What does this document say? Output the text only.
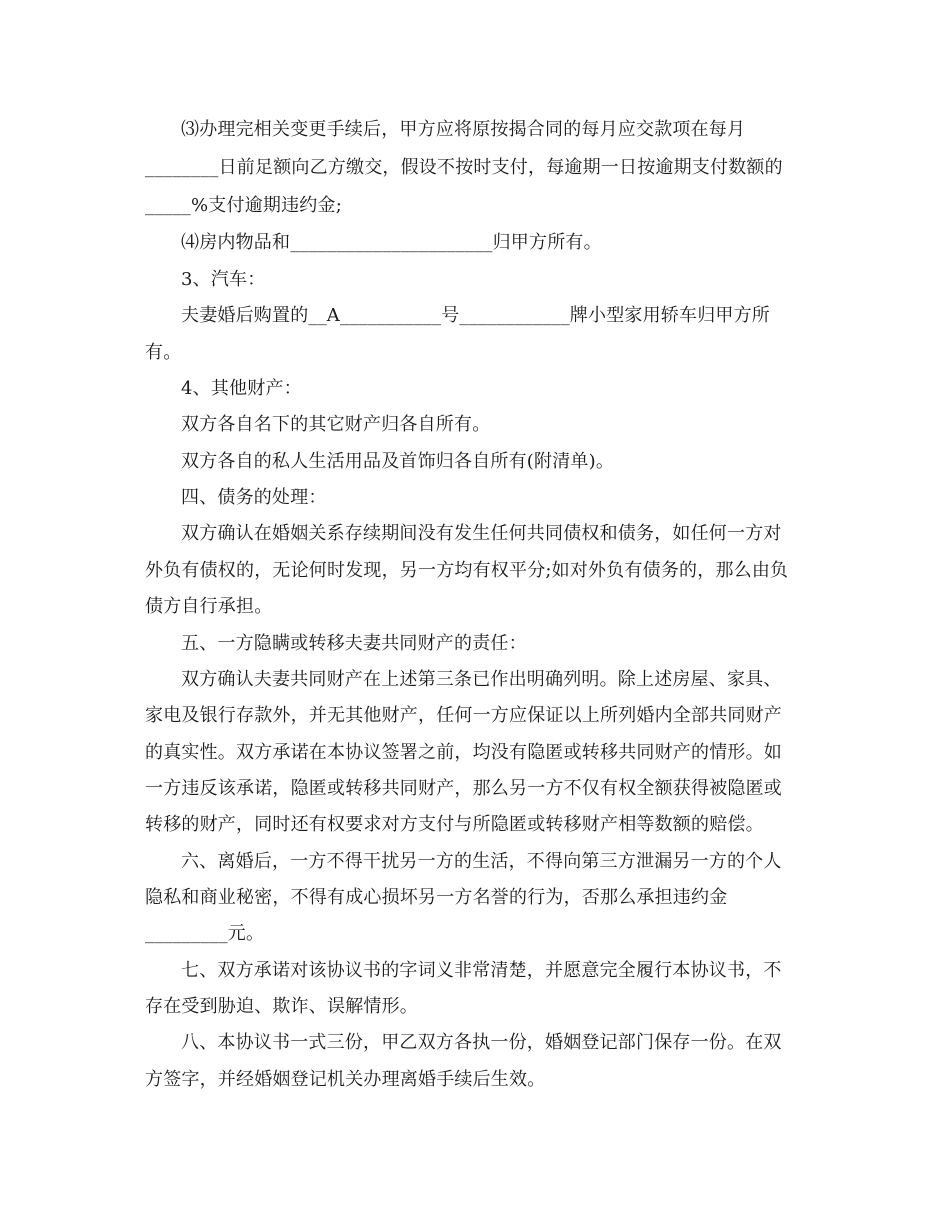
⑶办理完相关变更手续后，甲方应将原按揭合同的每月应交款项在每月
________日前足额向乙方缴交，假设不按时支付，每逾期一日按逾期支付数额的
_____%支付逾期违约金;
⑷房内物品和______________________归甲方所有。
3、汽车：
夫妻婚后购置的__A___________号____________牌小型家用轿车归甲方所
有。
4、其他财产：
双方各自名下的其它财产归各自所有。
双方各自的私人生活用品及首饰归各自所有(附清单)。
四、债务的处理：
双方确认在婚姻关系存续期间没有发生任何共同债权和债务，如任何一方对
外负有债权的，无论何时发现，另一方均有权平分;如对外负有债务的，那么由负
债方自行承担。
五、一方隐瞒或转移夫妻共同财产的责任：
双方确认夫妻共同财产在上述第三条已作出明确列明。除上述房屋、家具、
家电及银行存款外，并无其他财产，任何一方应保证以上所列婚内全部共同财产
的真实性。双方承诺在本协议签署之前，均没有隐匿或转移共同财产的情形。如
一方违反该承诺，隐匿或转移共同财产，那么另一方不仅有权全额获得被隐匿或
转移的财产，同时还有权要求对方支付与所隐匿或转移财产相等数额的赔偿。
六、离婚后，一方不得干扰另一方的生活，不得向第三方泄漏另一方的个人
隐私和商业秘密，不得有成心损坏另一方名誉的行为，否那么承担违约金
_________元。
七、双方承诺对该协议书的字词义非常清楚，并愿意完全履行本协议书，不
存在受到胁迫、欺诈、误解情形。
八、本协议书一式三份，甲乙双方各执一份，婚姻登记部门保存一份。在双
方签字，并经婚姻登记机关办理离婚手续后生效。
